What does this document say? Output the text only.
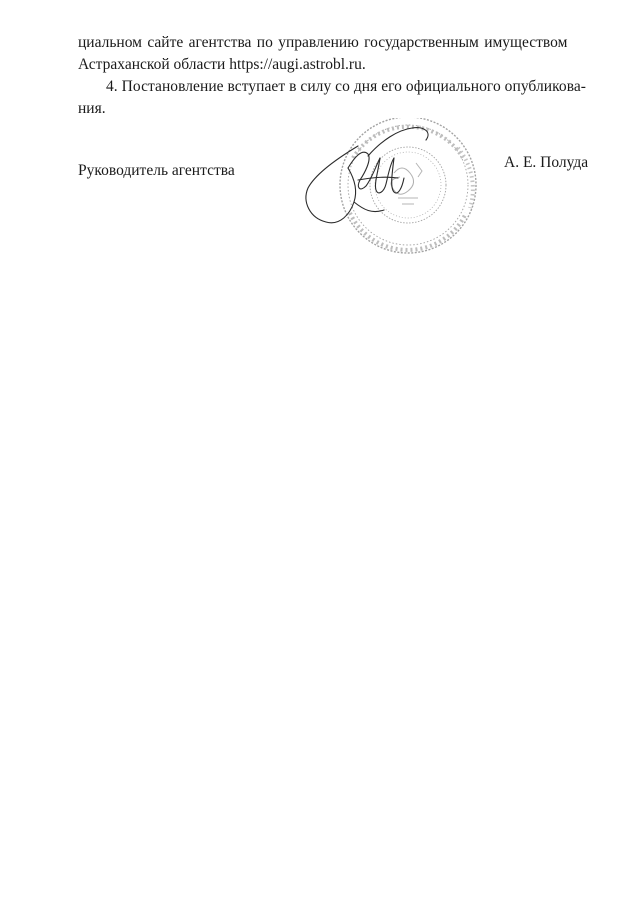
циальном сайте агентства по управлению государственным имуществом
Астраханской области https://augi.astrobl.ru.
4. Постановление вступает в силу со дня его официального опубликова-
ния.
Руководитель агентства	А. Е. Полуда
